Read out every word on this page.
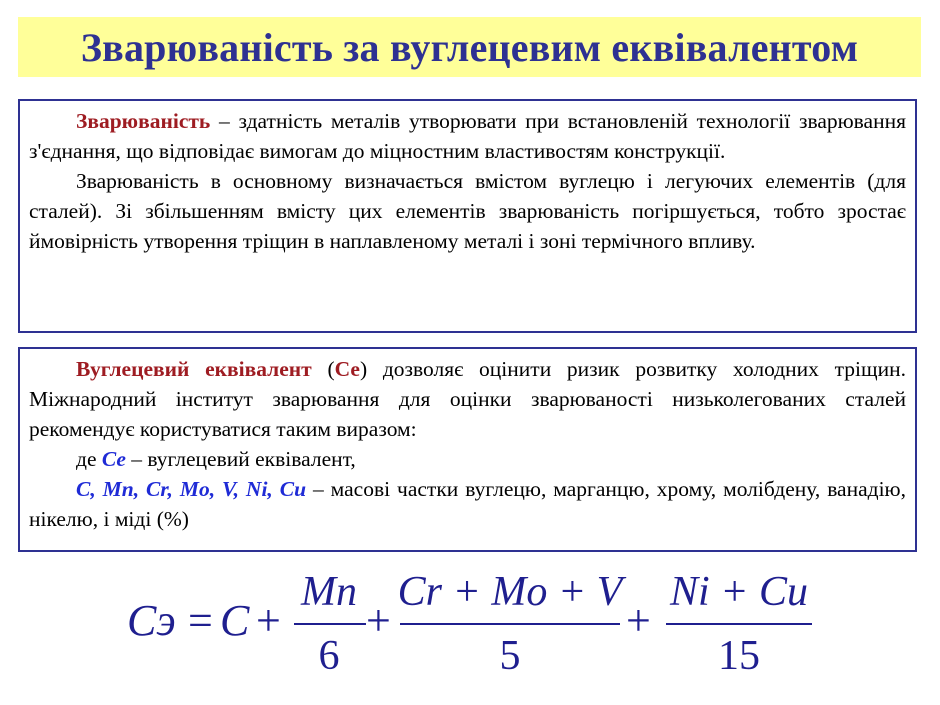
Зварюваність за вуглецевим еквівалентом

Зварюваність – здатність металів утворювати при встановленій технології зварювання з'єднання, що відповідає вимогам до міцностним властивостям конструкції.

Зварюваність в основному визначається вмістом вуглецю і легуючих елементів (для сталей). Зі збільшенням вмісту цих елементів зварюваність погіршується, тобто зростає ймовірність утворення тріщин в наплавленому металі і зоні термічного впливу.

Вуглецевий еквівалент (Се) дозволяє оцінити ризик розвитку холодних тріщин. Міжнародний інститут зварювання для оцінки зварюваності низьколегованих сталей рекомендує користуватися таким виразом:

де Се – вуглецевий еквівалент,

C, Mn, Cr, Mo, V, Ni, Cu – масові частки вуглецю, марганцю, хрому, молібдену, ванадію, нікелю, і міді (%)

Cэ = C +
Mn
6
+
Cr + Mo + V
5
+
Ni + Cu
15
